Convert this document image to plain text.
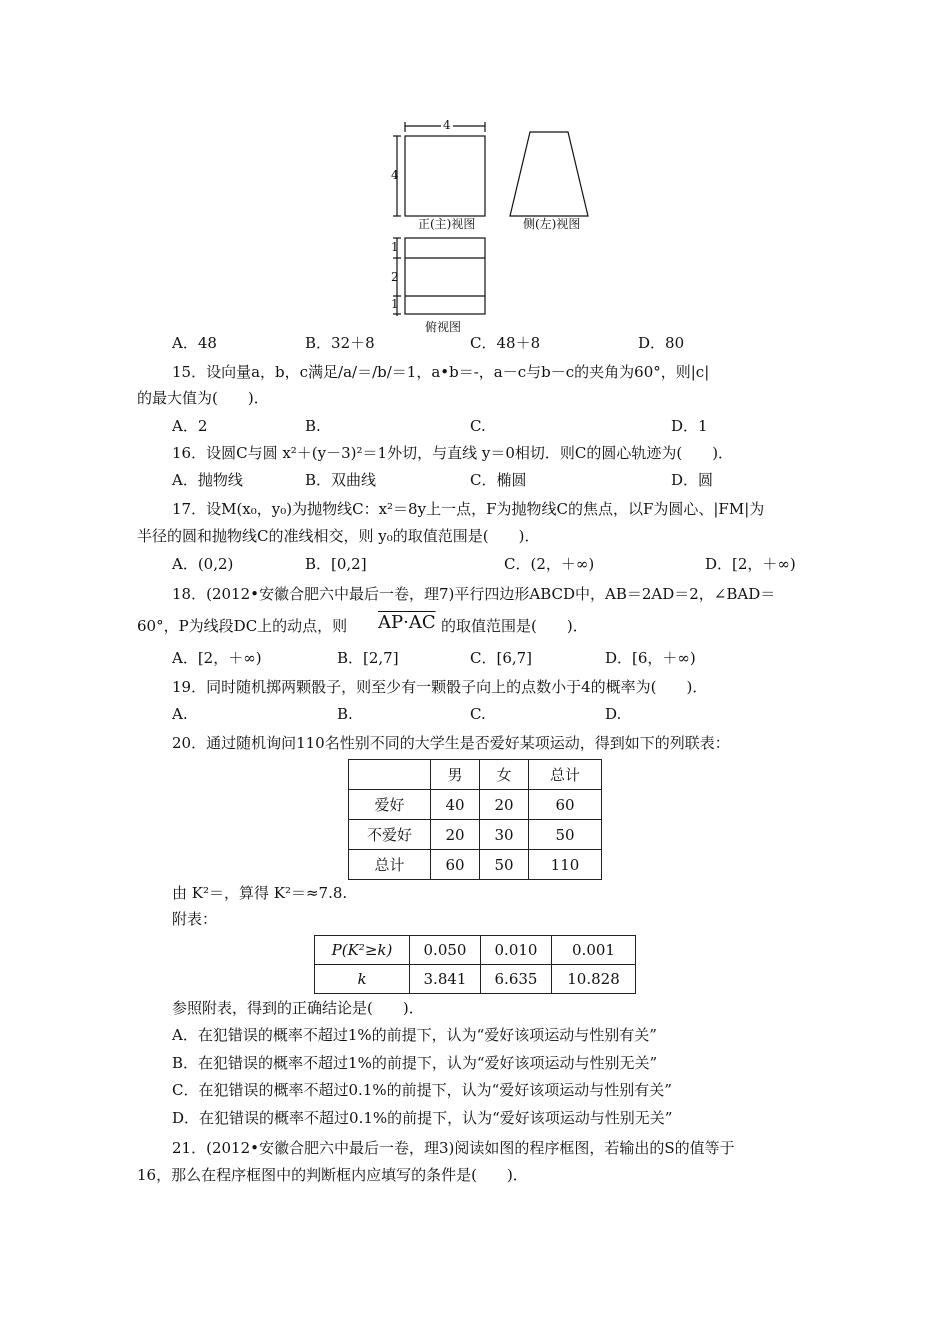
4
4
正(主)视图	侧(左)视图
1
2
1
俯视图
A．48	B．32＋8	C．48＋8	D．80
15．设向量a，b，c满足/a/＝/b/＝1，a•b＝-，a－c与b－c的夹角为60°，则|c|
的最大值为(　　)．
A．2	B.	C.	D．1
16．设圆C与圆 x²＋(y－3)²＝1外切，与直线 y＝0相切．则C的圆心轨迹为(　　)．
A．抛物线	B．双曲线	C．椭圆	D．圆
17．设M(x₀，y₀)为抛物线C：x²＝8y上一点，F为抛物线C的焦点，以F为圆心、|FM|为
半径的圆和抛物线C的准线相交，则 y₀的取值范围是(　　)．
A．(0,2)	B．[0,2]	C．(2，＋∞)	D．[2，＋∞)
18．(2012•安徽合肥六中最后一卷，理7)平行四边形ABCD中，AB＝2AD＝2，∠BAD＝
60°，P为线段DC上的动点，则 AP·AC 的取值范围是(　　)．
A．[2，＋∞)	B．[2,7]	C．[6,7]	D．[6，＋∞)
19．同时随机掷两颗骰子，则至少有一颗骰子向上的点数小于4的概率为(　　)．
A.	B.	C.	D.
20．通过随机询问110名性别不同的大学生是否爱好某项运动，得到如下的列联表：
	男	女	总计
爱好	40	20	60
不爱好	20	30	50
总计	60	50	110
由 K²＝，算得 K²＝≈7.8.
附表：
P(K²≥k)	0.050	0.010	0.001
k	3.841	6.635	10.828
参照附表，得到的正确结论是(　　)．
A．在犯错误的概率不超过1%的前提下，认为“爱好该项运动与性别有关”
B．在犯错误的概率不超过1%的前提下，认为“爱好该项运动与性别无关”
C．在犯错误的概率不超过0.1%的前提下，认为“爱好该项运动与性别有关”
D．在犯错误的概率不超过0.1%的前提下，认为“爱好该项运动与性别无关”
21．(2012•安徽合肥六中最后一卷，理3)阅读如图的程序框图，若输出的S的值等于
16，那么在程序框图中的判断框内应填写的条件是(　　)．
